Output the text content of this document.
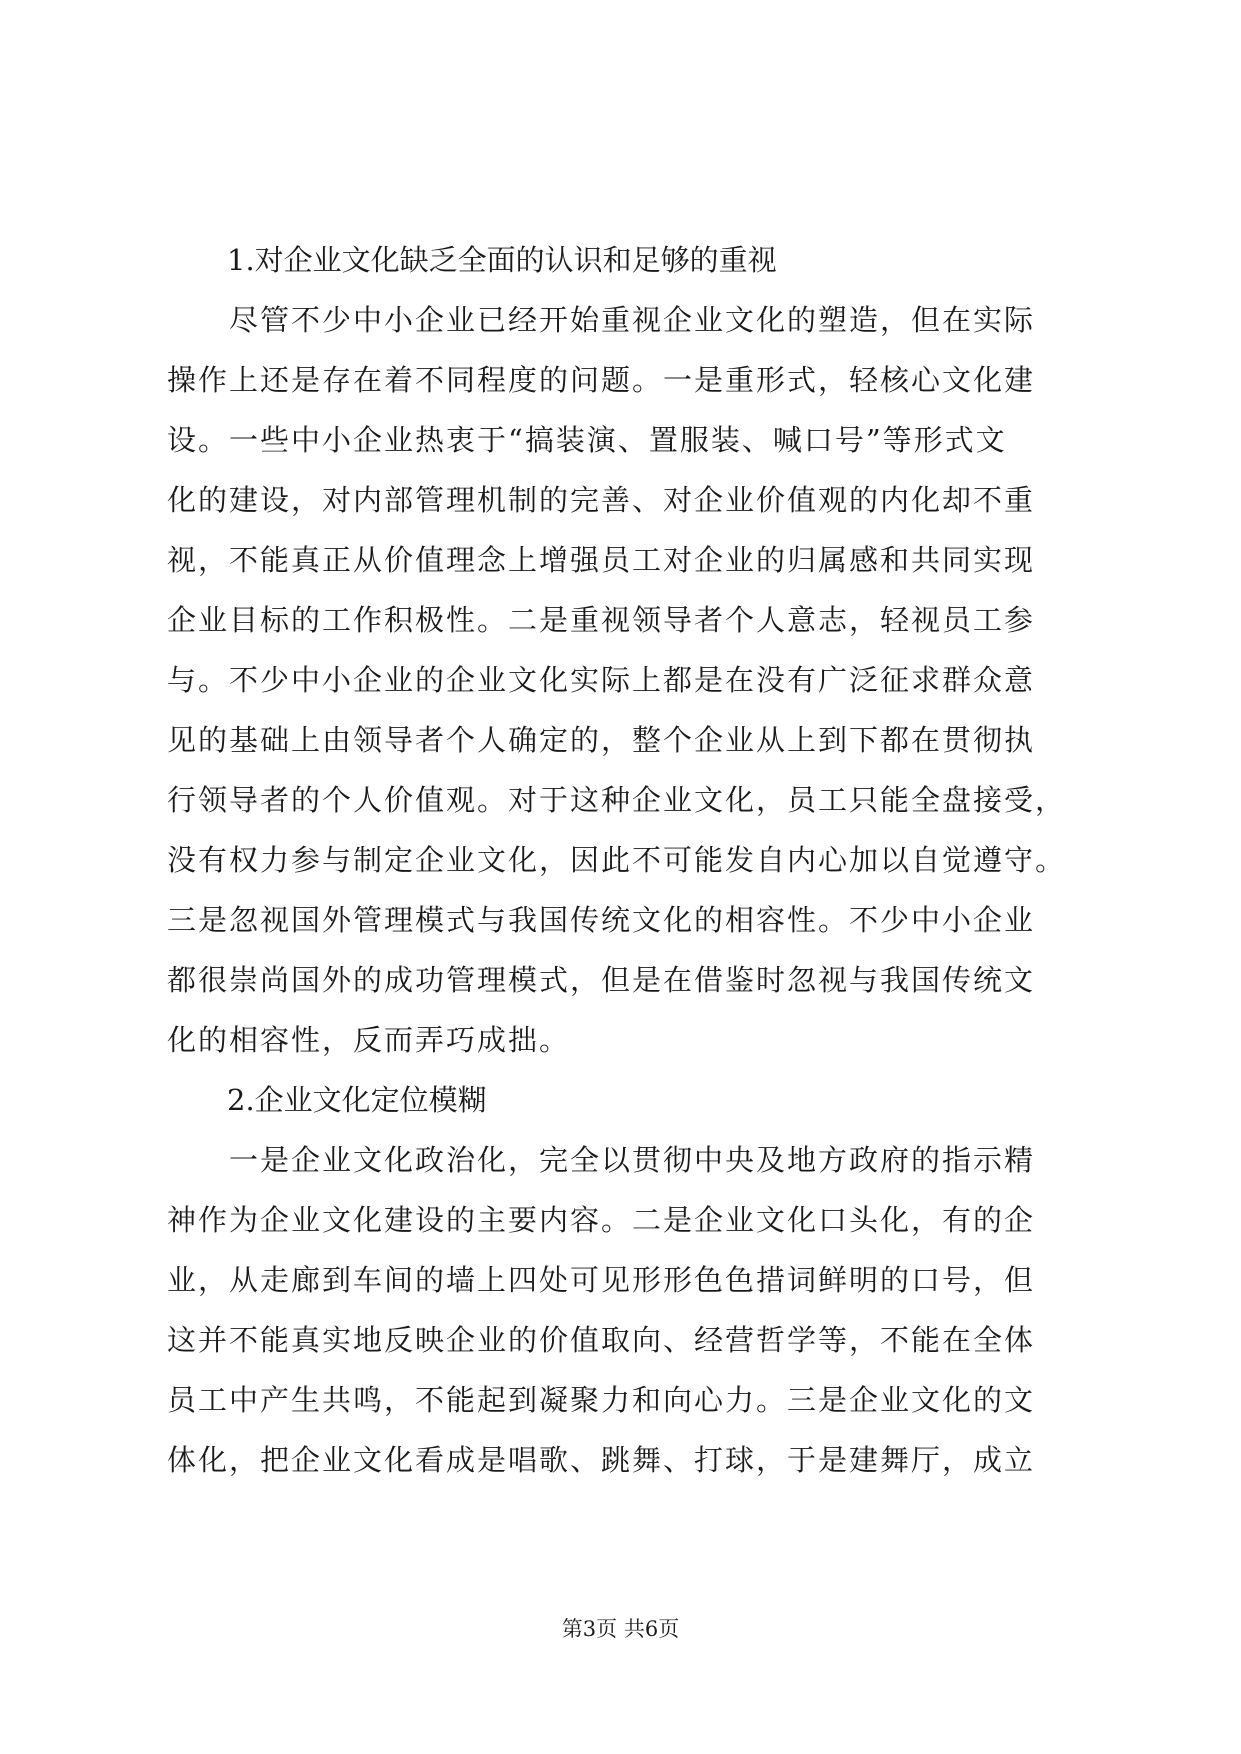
1.对企业文化缺乏全面的认识和足够的重视

尽管不少中小企业已经开始重视企业文化的塑造，但在实际
操作上还是存在着不同程度的问题。一是重形式，轻核心文化建
设。一些中小企业热衷于“搞装演、置服装、喊口号”等形式文
化的建设，对内部管理机制的完善、对企业价值观的内化却不重
视，不能真正从价值理念上增强员工对企业的归属感和共同实现
企业目标的工作积极性。二是重视领导者个人意志，轻视员工参
与。不少中小企业的企业文化实际上都是在没有广泛征求群众意
见的基础上由领导者个人确定的，整个企业从上到下都在贯彻执
行领导者的个人价值观。对于这种企业文化，员工只能全盘接受，
没有权力参与制定企业文化，因此不可能发自内心加以自觉遵守。
三是忽视国外管理模式与我国传统文化的相容性。不少中小企业
都很崇尚国外的成功管理模式，但是在借鉴时忽视与我国传统文
化的相容性，反而弄巧成拙。

2.企业文化定位模糊

一是企业文化政治化，完全以贯彻中央及地方政府的指示精
神作为企业文化建设的主要内容。二是企业文化口头化，有的企
业，从走廊到车间的墙上四处可见形形色色措词鲜明的口号，但
这并不能真实地反映企业的价值取向、经营哲学等，不能在全体
员工中产生共鸣，不能起到凝聚力和向心力。三是企业文化的文
体化，把企业文化看成是唱歌、跳舞、打球，于是建舞厅，成立
第3页 共6页
